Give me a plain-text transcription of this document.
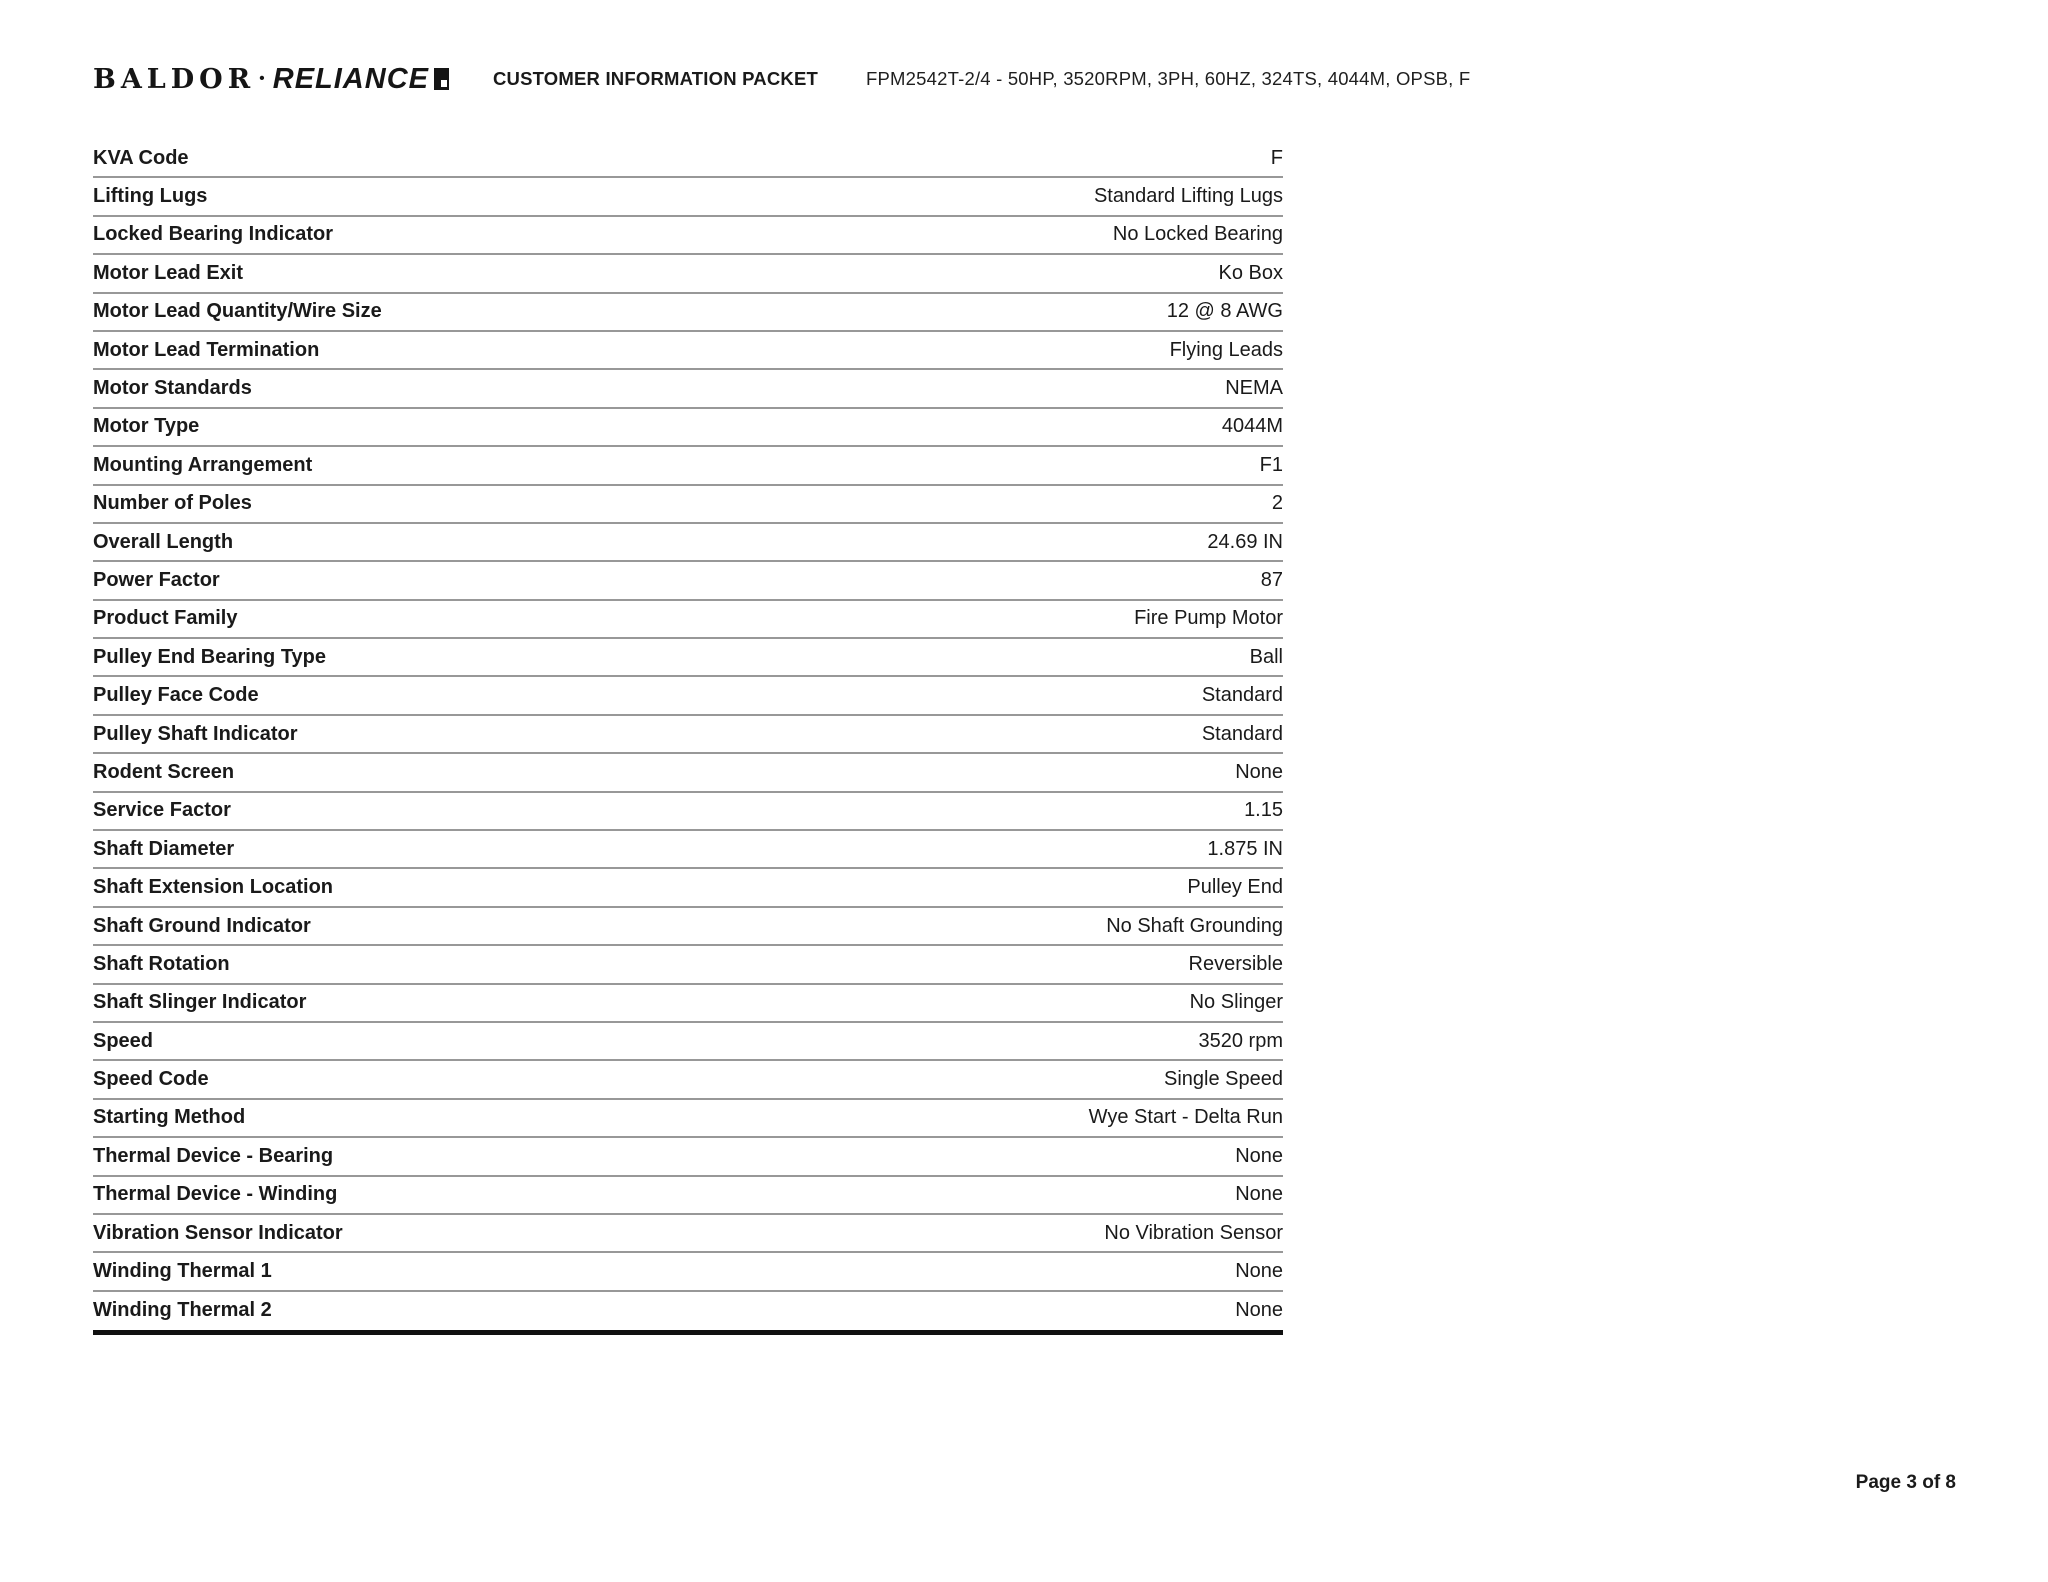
BALDOR • RELIANCE	CUSTOMER INFORMATION PACKET	FPM2542T-2/4 - 50HP, 3520RPM, 3PH, 60HZ, 324TS, 4044M, OPSB, F
KVA Code	F
Lifting Lugs	Standard Lifting Lugs
Locked Bearing Indicator	No Locked Bearing
Motor Lead Exit	Ko Box
Motor Lead Quantity/Wire Size	12 @ 8 AWG
Motor Lead Termination	Flying Leads
Motor Standards	NEMA
Motor Type	4044M
Mounting Arrangement	F1
Number of Poles	2
Overall Length	24.69 IN
Power Factor	87
Product Family	Fire Pump Motor
Pulley End Bearing Type	Ball
Pulley Face Code	Standard
Pulley Shaft Indicator	Standard
Rodent Screen	None
Service Factor	1.15
Shaft Diameter	1.875 IN
Shaft Extension Location	Pulley End
Shaft Ground Indicator	No Shaft Grounding
Shaft Rotation	Reversible
Shaft Slinger Indicator	No Slinger
Speed	3520 rpm
Speed Code	Single Speed
Starting Method	Wye Start - Delta Run
Thermal Device - Bearing	None
Thermal Device - Winding	None
Vibration Sensor Indicator	No Vibration Sensor
Winding Thermal 1	None
Winding Thermal 2	None
Page 3 of 8
